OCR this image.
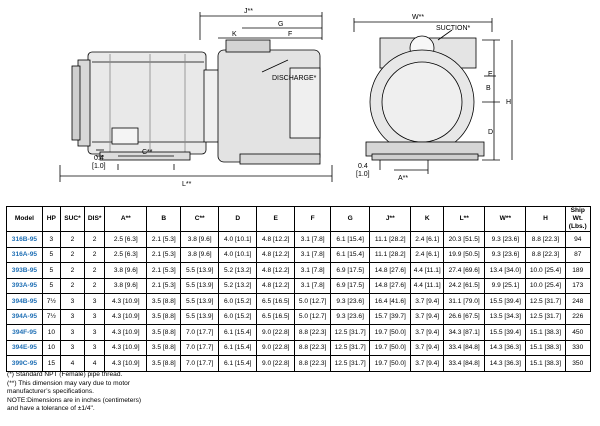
J**
G
K	F
DISCHARGE*
C**
L**
0.4
[1.0]
W**
SUCTION*
E
B
H
D
A**
0.4
[1.0]
Model	HP	SUC*	DIS*	A**	B	C**	D	E	F	G	J**	K	L**	W**	H	Ship Wt. (Lbs.)
316B-95	3	2	2	2.5 [6.3]	2.1 [5.3]	3.8 [9.6]	4.0 [10.1]	4.8 [12.2]	3.1 [7.8]	6.1 [15.4]	11.1 [28.2]	2.4 [6.1]	20.3 [51.5]	9.3 [23.6]	8.8 [22.3]	94
316A-95	5	2	2	2.5 [6.3]	2.1 [5.3]	3.8 [9.6]	4.0 [10.1]	4.8 [12.2]	3.1 [7.8]	6.1 [15.4]	11.1 [28.2]	2.4 [6.1]	19.9 [50.5]	9.3 [23.6]	8.8 [22.3]	87
393B-95	5	2	2	3.8 [9.6]	2.1 [5.3]	5.5 [13.9]	5.2 [13.2]	4.8 [12.2]	3.1 [7.8]	6.9 [17.5]	14.8 [27.6]	4.4 [11.1]	27.4 [69.6]	13.4 [34.0]	10.0 [25.4]	189
393A-95	5	2	2	3.8 [9.6]	2.1 [5.3]	5.5 [13.9]	5.2 [13.2]	4.8 [12.2]	3.1 [7.8]	6.9 [17.5]	14.8 [27.6]	4.4 [11.1]	24.2 [61.5]	9.9 [25.1]	10.0 [25.4]	173
394B-95	7½	3	3	4.3 [10.9]	3.5 [8.8]	5.5 [13.9]	6.0 [15.2]	6.5 [16.5]	5.0 [12.7]	9.3 [23.6]	16.4 [41.6]	3.7 [9.4]	31.1 [79.0]	15.5 [39.4]	12.5 [31.7]	248
394A-95	7½	3	3	4.3 [10.9]	3.5 [8.8]	5.5 [13.9]	6.0 [15.2]	6.5 [16.5]	5.0 [12.7]	9.3 [23.6]	15.7 [39.7]	3.7 [9.4]	26.6 [67.5]	13.5 [34.3]	12.5 [31.7]	226
394F-95	10	3	3	4.3 [10.9]	3.5 [8.8]	7.0 [17.7]	6.1 [15.4]	9.0 [22.8]	8.8 [22.3]	12.5 [31.7]	19.7 [50.0]	3.7 [9.4]	34.3 [87.1]	15.5 [39.4]	15.1 [38.3]	450
394E-95	10	3	3	4.3 [10.9]	3.5 [8.8]	7.0 [17.7]	6.1 [15.4]	9.0 [22.8]	8.8 [22.3]	12.5 [31.7]	19.7 [50.0]	3.7 [9.4]	33.4 [84.8]	14.3 [36.3]	15.1 [38.3]	330
399C-95	15	4	4	4.3 [10.9]	3.5 [8.8]	7.0 [17.7]	6.1 [15.4]	9.0 [22.8]	8.8 [22.3]	12.5 [31.7]	19.7 [50.0]	3.7 [9.4]	33.4 [84.8]	14.3 [36.3]	15.1 [38.3]	350
(*) Standard NPT (Female) pipe thread.
(**) This dimension may vary due to motor
manufacturer’s specifications.
NOTE:Dimensions are in inches (centimeters)
and have a tolerance of ±1/4".
